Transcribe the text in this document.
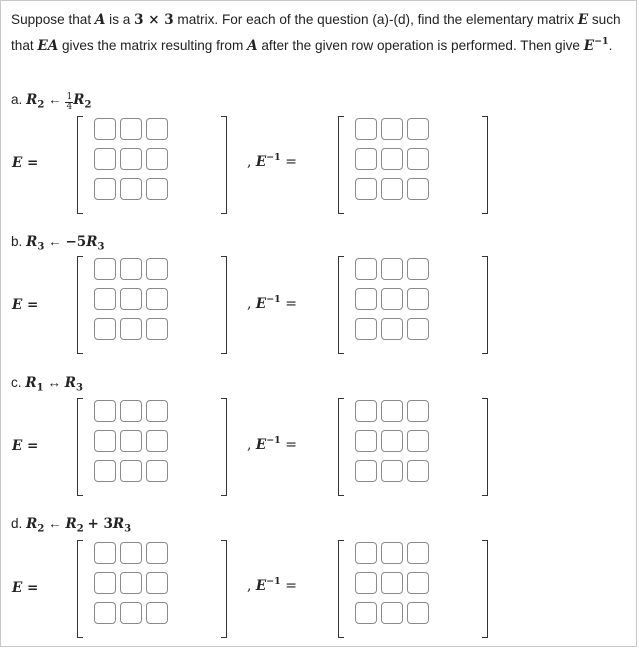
Suppose that A is a 3 × 3 matrix. For each of the question (a)-(d), find the elementary matrix E such that EA gives the matrix resulting from A after the given row operation is performed. Then give $E^{-1}$.
a. $R_2$ ← $\frac{1}{4} R_2$
E =	, $E^{-1}$ =
b. $R_3$ ← $-5R_3$
E =	, $E^{-1}$ =
c. $R_1$ ↔ $R_3$
E =	, $E^{-1}$ =
d. $R_2$ ← $R_2 + 3R_3$
E =	, $E^{-1}$ =
